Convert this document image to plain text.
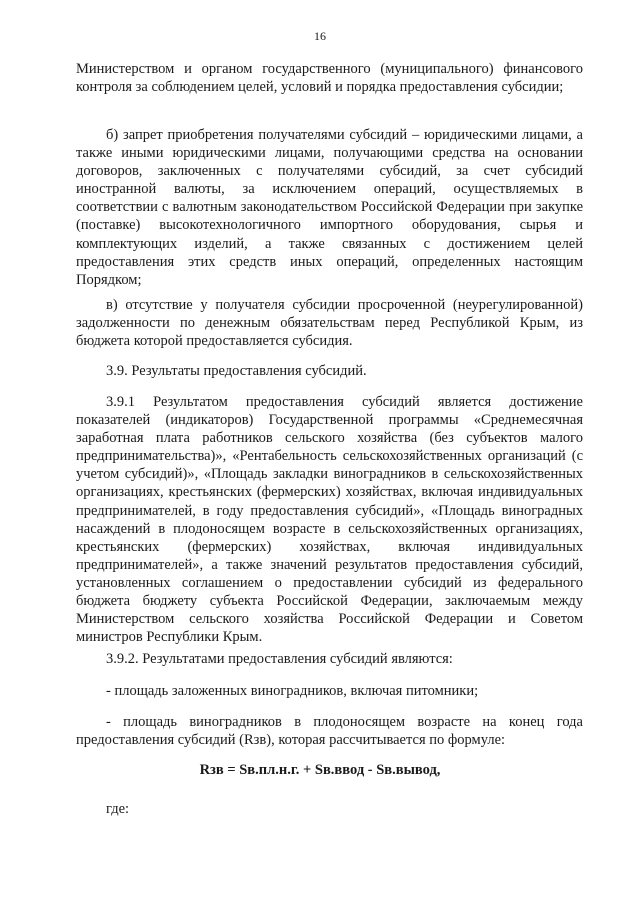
16

Министерством и органом государственного (муниципального) финансового контроля за соблюдением целей, условий и порядка предоставления субсидии;

б) запрет приобретения получателями субсидий – юридическими лицами, а также иными юридическими лицами, получающими средства на основании договоров, заключенных с получателями субсидий, за счет субсидий иностранной валюты, за исключением операций, осуществляемых в соответствии с валютным законодательством Российской Федерации при закупке (поставке) высокотехнологичного импортного оборудования, сырья и комплектующих изделий, а также связанных с достижением целей предоставления этих средств иных операций, определенных настоящим Порядком;

в) отсутствие у получателя субсидии просроченной (неурегулированной) задолженности по денежным обязательствам перед Республикой Крым, из бюджета которой предоставляется субсидия.

3.9. Результаты предоставления субсидий.

3.9.1 Результатом предоставления субсидий является достижение показателей (индикаторов) Государственной программы «Среднемесячная заработная плата работников сельского хозяйства (без субъектов малого предпринимательства)», «Рентабельность сельскохозяйственных организаций (с учетом субсидий)», «Площадь закладки виноградников в сельскохозяйственных организациях, крестьянских (фермерских) хозяйствах, включая индивидуальных предпринимателей, в году предоставления субсидий», «Площадь виноградных насаждений в плодоносящем возрасте в сельскохозяйственных организациях, крестьянских (фермерских) хозяйствах, включая индивидуальных предпринимателей», а также значений результатов предоставления субсидий, установленных соглашением о предоставлении субсидий из федерального бюджета бюджету субъекта Российской Федерации, заключаемым между Министерством сельского хозяйства Российской Федерации и Советом министров Республики Крым.

3.9.2. Результатами предоставления субсидий являются:

- площадь заложенных виноградников, включая питомники;

- площадь виноградников в плодоносящем возрасте на конец года предоставления субсидий (Rзв), которая рассчитывается по формуле:

Rзв = Sв.пл.н.г. + Sв.ввод - Sв.вывод,

где:
